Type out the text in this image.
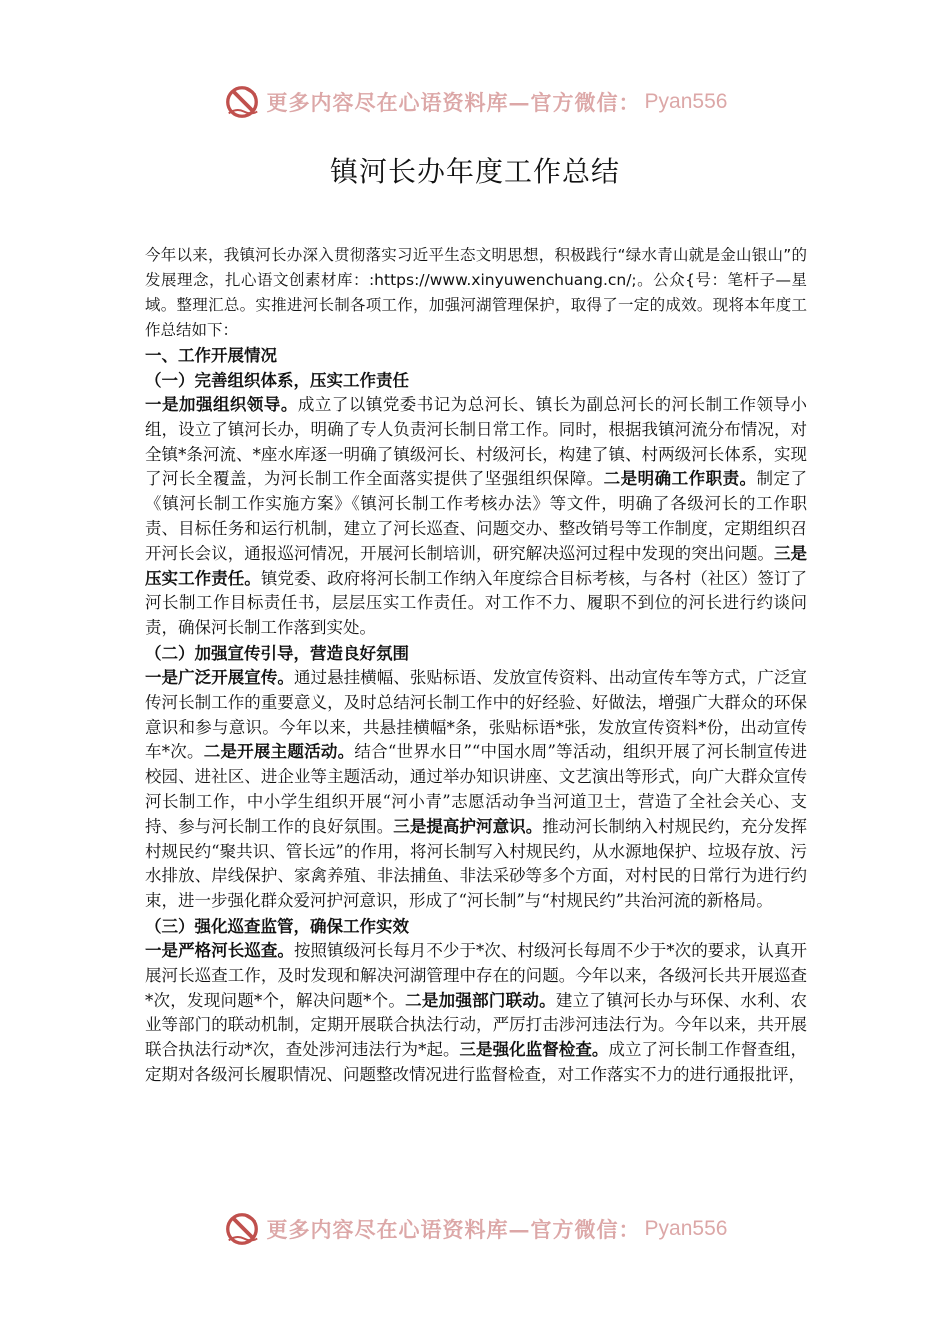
更多内容尽在心语资料库—官方微信： Pyan556
镇河长办年度工作总结

今年以来，我镇河长办深入贯彻落实习近平生态文明思想，积极践行“绿水青山就是金山银山”的发展理念，扎心语文创素材库：:https://www.xinyuwenchuang.cn/;。公众{号：笔杆子—星域。整理汇总。实推进河长制各项工作，加强河湖管理保护，取得了一定的成效。现将本年度工作总结如下：

一、工作开展情况

（一）完善组织体系，压实工作责任

一是加强组织领导。成立了以镇党委书记为总河长、镇长为副总河长的河长制工作领导小组，设立了镇河长办，明确了专人负责河长制日常工作。同时，根据我镇河流分布情况，对全镇*条河流、*座水库逐一明确了镇级河长、村级河长，构建了镇、村两级河长体系，实现了河长全覆盖，为河长制工作全面落实提供了坚强组织保障。二是明确工作职责。制定了《镇河长制工作实施方案》《镇河长制工作考核办法》等文件，明确了各级河长的工作职责、目标任务和运行机制，建立了河长巡查、问题交办、整改销号等工作制度，定期组织召开河长会议，通报巡河情况，开展河长制培训，研究解决巡河过程中发现的突出问题。三是压实工作责任。镇党委、政府将河长制工作纳入年度综合目标考核，与各村（社区）签订了河长制工作目标责任书，层层压实工作责任。对工作不力、履职不到位的河长进行约谈问责，确保河长制工作落到实处。

（二）加强宣传引导，营造良好氛围

一是广泛开展宣传。通过悬挂横幅、张贴标语、发放宣传资料、出动宣传车等方式，广泛宣传河长制工作的重要意义，及时总结河长制工作中的好经验、好做法，增强广大群众的环保意识和参与意识。今年以来，共悬挂横幅*条，张贴标语*张，发放宣传资料*份，出动宣传车*次。二是开展主题活动。结合“世界水日”“中国水周”等活动，组织开展了河长制宣传进校园、进社区、进企业等主题活动，通过举办知识讲座、文艺演出等形式，向广大群众宣传河长制工作，中小学生组织开展“河小青”志愿活动争当河道卫士，营造了全社会关心、支持、参与河长制工作的良好氛围。三是提高护河意识。推动河长制纳入村规民约，充分发挥村规民约“聚共识、管长远”的作用，将河长制写入村规民约，从水源地保护、垃圾存放、污水排放、岸线保护、家禽养殖、非法捕鱼、非法采砂等多个方面，对村民的日常行为进行约束，进一步强化群众爱河护河意识，形成了“河长制”与“村规民约”共治河流的新格局。

（三）强化巡查监管，确保工作实效

一是严格河长巡查。按照镇级河长每月不少于*次、村级河长每周不少于*次的要求，认真开展河长巡查工作，及时发现和解决河湖管理中存在的问题。今年以来，各级河长共开展巡查*次，发现问题*个，解决问题*个。二是加强部门联动。建立了镇河长办与环保、水利、农业等部门的联动机制，定期开展联合执法行动，严厉打击涉河违法行为。今年以来，共开展联合执法行动*次，查处涉河违法行为*起。三是强化监督检查。成立了河长制工作督查组，定期对各级河长履职情况、问题整改情况进行监督检查，对工作落实不力的进行通报批评，

更多内容尽在心语资料库—官方微信： Pyan556
